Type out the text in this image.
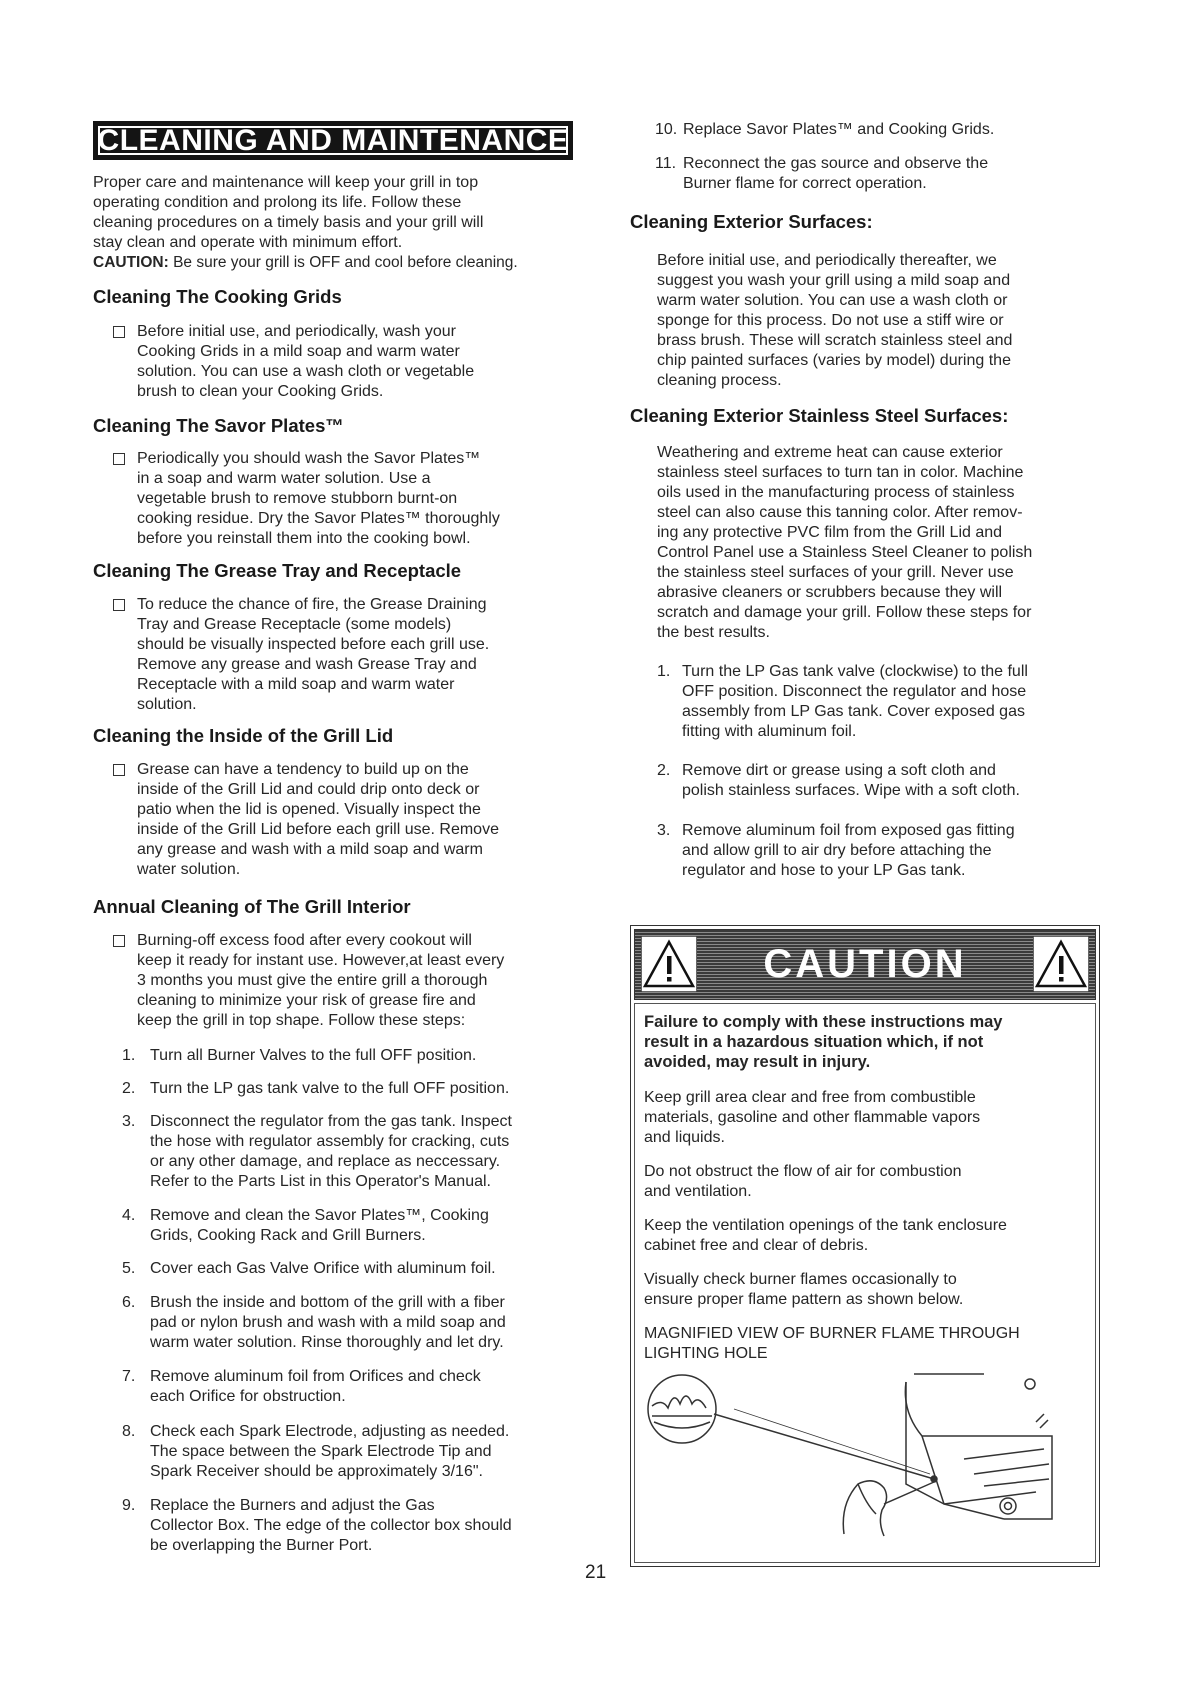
CLEANING AND MAINTENANCE
Proper care and maintenance will keep your grill in top
operating condition and prolong its life. Follow these
cleaning procedures on a timely basis and your grill will
stay clean and operate with minimum effort.
CAUTION: Be sure your grill is OFF and cool before cleaning.
Cleaning The Cooking Grids
Before initial use, and periodically, wash your
Cooking Grids in a mild soap and warm water
solution. You can use a wash cloth or vegetable
brush to clean your Cooking Grids.
Cleaning The Savor Plates™
Periodically you should wash the Savor Plates™
in a soap and warm water solution. Use a
vegetable brush to remove stubborn burnt-on
cooking residue. Dry the Savor Plates™ thoroughly
before you reinstall them into the cooking bowl.
Cleaning The Grease Tray and Receptacle
To reduce the chance of fire, the Grease Draining
Tray and Grease Receptacle (some models)
should be visually inspected before each grill use.
Remove any grease and wash Grease Tray and
Receptacle with a mild soap and warm water
solution.
Cleaning the Inside of the Grill Lid
Grease can have a tendency to build up on the
inside of the Grill Lid and could drip onto deck or
patio when the lid is opened. Visually inspect the
inside of the Grill Lid before each grill use. Remove
any grease and wash with a mild soap and warm
water solution.
Annual Cleaning of The Grill Interior
Burning-off excess food after every cookout will
keep it ready for instant use. However,at least every
3 months you must give the entire grill a thorough
cleaning to minimize your risk of grease fire and
keep the grill in top shape. Follow these steps:
1. Turn all Burner Valves to the full OFF position.
2. Turn the LP gas tank valve to the full OFF position.
3. Disconnect the regulator from the gas tank. Inspect
the hose with regulator assembly for cracking, cuts
or any other damage, and replace as neccessary.
Refer to the Parts List in this Operator's Manual.
4. Remove and clean the Savor Plates™, Cooking
Grids, Cooking Rack and Grill Burners.
5. Cover each Gas Valve Orifice with aluminum foil.
6. Brush the inside and bottom of the grill with a fiber
pad or nylon brush and wash with a mild soap and
warm water solution. Rinse thoroughly and let dry.
7. Remove aluminum foil from Orifices and check
each Orifice for obstruction.
8. Check each Spark Electrode, adjusting as needed.
The space between the Spark Electrode Tip and
Spark Receiver should be approximately 3/16".
9. Replace the Burners and adjust the Gas
Collector Box. The edge of the collector box should
be overlapping the Burner Port.
10. Replace Savor Plates™ and Cooking Grids.
11. Reconnect the gas source and observe the
Burner flame for correct operation.
Cleaning Exterior Surfaces:
Before initial use, and periodically thereafter, we
suggest you wash your grill using a mild soap and
warm water solution. You can use a wash cloth or
sponge for this process. Do not use a stiff wire or
brass brush. These will scratch stainless steel and
chip painted surfaces (varies by model) during the
cleaning process.
Cleaning Exterior Stainless Steel Surfaces:
Weathering and extreme heat can cause exterior
stainless steel surfaces to turn tan in color. Machine
oils used in the manufacturing process of stainless
steel can also cause this tanning color. After remov-
ing any protective PVC film from the Grill Lid and
Control Panel use a Stainless Steel Cleaner to polish
the stainless steel surfaces of your grill. Never use
abrasive cleaners or scrubbers because they will
scratch and damage your grill. Follow these steps for
the best results.
1. Turn the LP Gas tank valve (clockwise) to the full
OFF position. Disconnect the regulator and hose
assembly from LP Gas tank. Cover exposed gas
fitting with aluminum foil.
2. Remove dirt or grease using a soft cloth and
polish stainless surfaces. Wipe with a soft cloth.
3. Remove aluminum foil from exposed gas fitting
and allow grill to air dry before attaching the
regulator and hose to your LP Gas tank.
CAUTION
Failure to comply with these instructions may
result in a hazardous situation which, if not
avoided, may result in injury.
Keep grill area clear and free from combustible
materials, gasoline and other flammable vapors
and liquids.
Do not obstruct the flow of air for combustion
and ventilation.
Keep the ventilation openings of the tank enclosure
cabinet free and clear of debris.
Visually check burner flames occasionally to
ensure proper flame pattern as shown below.
MAGNIFIED VIEW OF BURNER FLAME THROUGH
LIGHTING HOLE
21
